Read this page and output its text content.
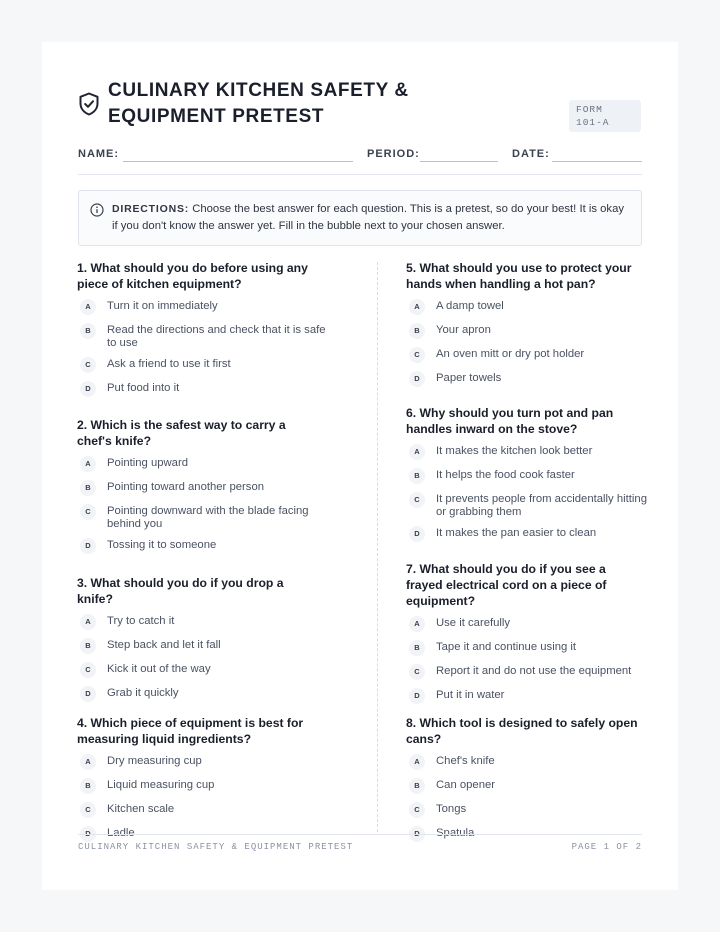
CULINARY KITCHEN SAFETY & EQUIPMENT PRETEST	FORM 101-A
NAME:	PERIOD:	DATE:
DIRECTIONS: Choose the best answer for each question. This is a pretest, so do your best! It is okay if you don't know the answer yet. Fill in the bubble next to your chosen answer.

1. What should you do before using any piece of kitchen equipment?

A	Turn it on immediately
B	Read the directions and check that it is safe to use
C	Ask a friend to use it first
D	Put food into it

2. Which is the safest way to carry a chef's knife?

A	Pointing upward
B	Pointing toward another person
C	Pointing downward with the blade facing behind you
D	Tossing it to someone

3. What should you do if you drop a knife?

A	Try to catch it
B	Step back and let it fall
C	Kick it out of the way
D	Grab it quickly

4. Which piece of equipment is best for measuring liquid ingredients?

A	Dry measuring cup
B	Liquid measuring cup
C	Kitchen scale
D	Ladle

5. What should you use to protect your hands when handling a hot pan?

A	A damp towel
B	Your apron
C	An oven mitt or dry pot holder
D	Paper towels

6. Why should you turn pot and pan handles inward on the stove?

A	It makes the kitchen look better
B	It helps the food cook faster
C	It prevents people from accidentally hitting or grabbing them
D	It makes the pan easier to clean

7. What should you do if you see a frayed electrical cord on a piece of equipment?

A	Use it carefully
B	Tape it and continue using it
C	Report it and do not use the equipment
D	Put it in water

8. Which tool is designed to safely open cans?

A	Chef's knife
B	Can opener
C	Tongs
D	Spatula
CULINARY KITCHEN SAFETY & EQUIPMENT PRETEST	PAGE 1 OF 2
